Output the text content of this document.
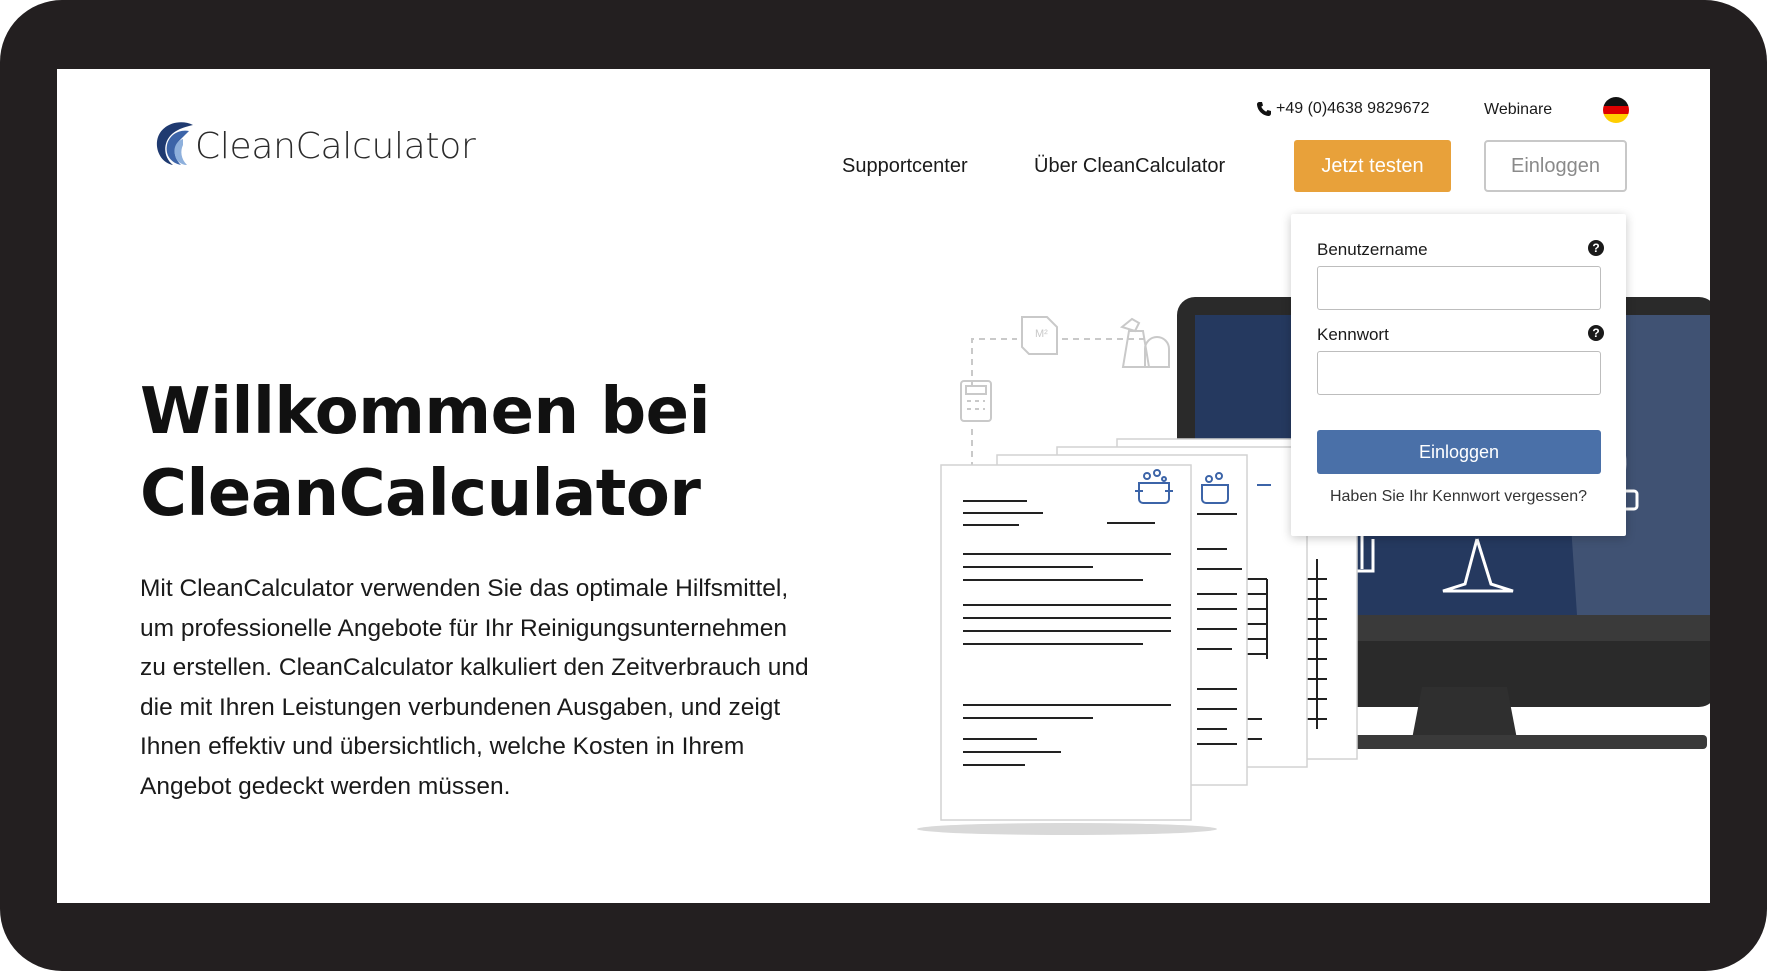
CleanCalculator
+49 (0)4638 9829672	Webinare
Supportcenter	Über CleanCalculator	Jetzt testen	Einloggen
Willkommen bei
CleanCalculator
Mit CleanCalculator verwenden Sie das optimale Hilfsmittel,
um professionelle Angebote für Ihr Reinigungsunternehmen
zu erstellen. CleanCalculator kalkuliert den Zeitverbrauch und
die mit Ihren Leistungen verbundenen Ausgaben, und zeigt
Ihnen effektiv und übersichtlich, welche Kosten in Ihrem
Angebot gedeckt werden müssen.
M²
Benutzername	?
Kennwort	?
Einloggen
Haben Sie Ihr Kennwort vergessen?
